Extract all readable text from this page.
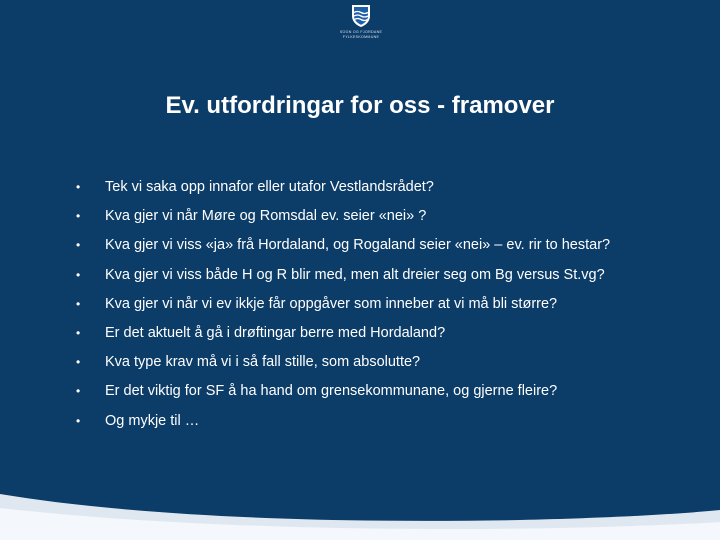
SOGN OG FJORDANE
FYLKESKOMMUNE
Ev. utfordringar for oss - framover
• Tek vi saka opp innafor eller utafor Vestlandsrådet?
• Kva gjer vi når Møre og Romsdal ev. seier «nei» ?
• Kva gjer vi viss «ja» frå Hordaland, og Rogaland seier «nei» – ev. rir to hestar?
• Kva gjer vi viss både H og R blir med, men alt dreier seg om Bg versus St.vg?
• Kva gjer vi når vi ev ikkje får oppgåver som inneber at vi må bli større?
• Er det aktuelt å gå i drøftingar berre med Hordaland?
• Kva type krav må vi i så fall stille, som absolutte?
• Er det viktig for SF å ha hand om grensekommunane, og gjerne fleire?
• Og mykje til …
